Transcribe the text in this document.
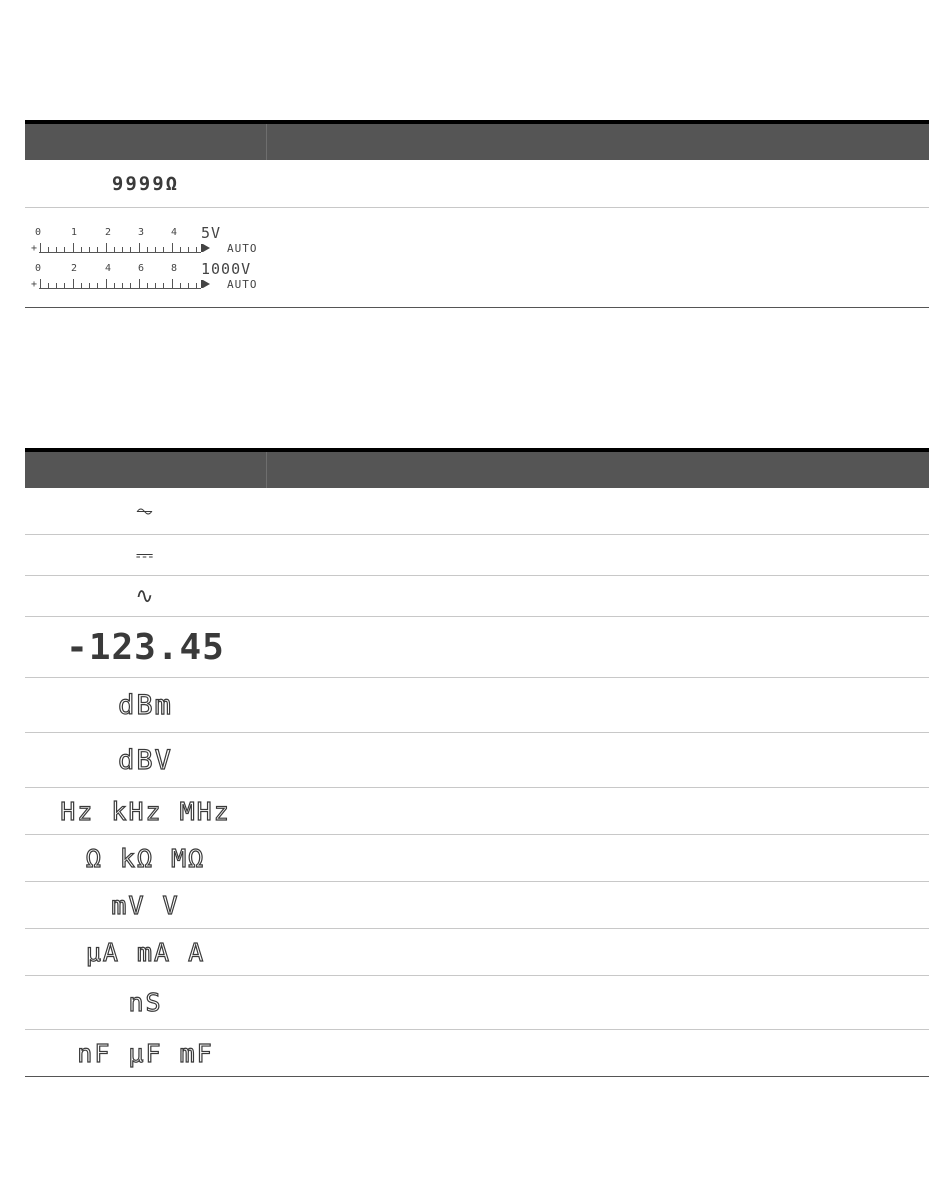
9999Ω
0	1	2	3	4 5V
+	AUTO
0	2	4	6	8 1000V
+	AUTO
⏦
⎓
∿
-123.45
dBm
dBV
Hz kHz MHz
Ω kΩ MΩ
mV V
µA mA A
nS
nF µF mF
